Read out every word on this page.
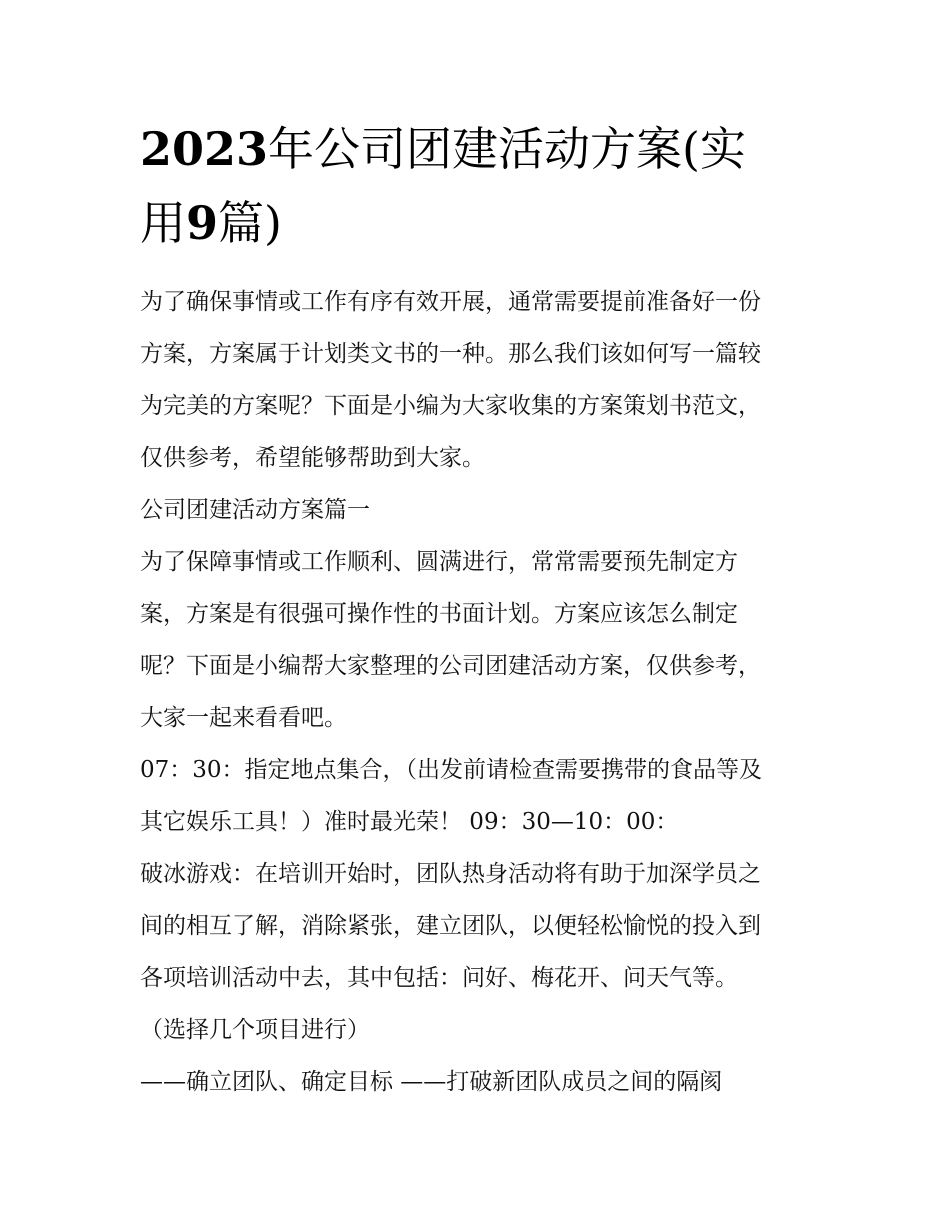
2023年公司团建活动方案(实
用9篇)
为了确保事情或工作有序有效开展，通常需要提前准备好一份
方案，方案属于计划类文书的一种。那么我们该如何写一篇较
为完美的方案呢？下面是小编为大家收集的方案策划书范文，
仅供参考，希望能够帮助到大家。
公司团建活动方案篇一
为了保障事情或工作顺利、圆满进行，常常需要预先制定方
案，方案是有很强可操作性的书面计划。方案应该怎么制定
呢？下面是小编帮大家整理的公司团建活动方案，仅供参考，
大家一起来看看吧。
07：30：指定地点集合，（出发前请检查需要携带的食品等及
其它娱乐工具！）准时最光荣！ 09：30—10：00：
破冰游戏：在培训开始时，团队热身活动将有助于加深学员之
间的相互了解，消除紧张，建立团队，以便轻松愉悦的投入到
各项培训活动中去，其中包括：问好、梅花开、问天气等。
（选择几个项目进行）
——确立团队、确定目标 ——打破新团队成员之间的隔阂
